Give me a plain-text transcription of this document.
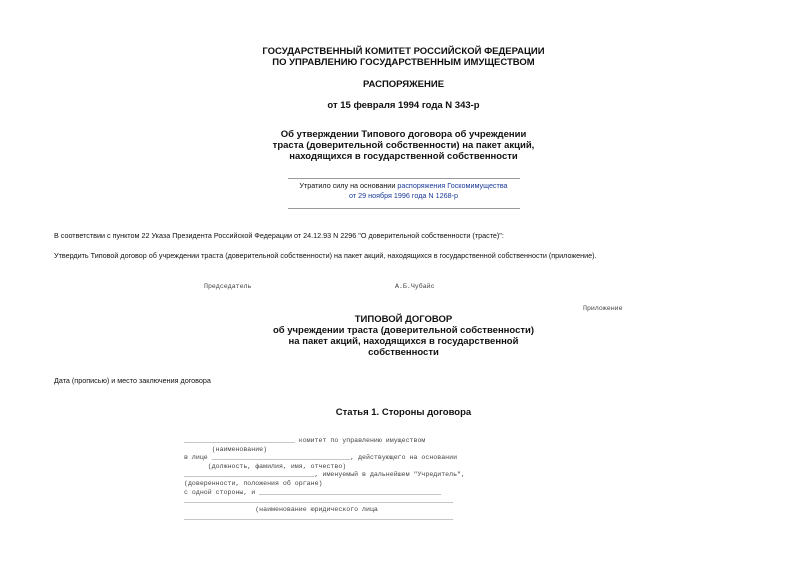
ГОСУДАРСТВЕННЫЙ КОМИТЕТ РОССИЙСКОЙ ФЕДЕРАЦИИ
ПО УПРАВЛЕНИЮ ГОСУДАРСТВЕННЫМ ИМУЩЕСТВОМ
РАСПОРЯЖЕНИЕ
от 15 февраля 1994 года N 343-р
Об утверждении Типового договора об учреждении
траста (доверительной собственности) на пакет акций,
находящихся в государственной собственности
Утратило силу на основании распоряжения Госкомимущества
от 29 ноября 1996 года N 1268-р
В соответствии с пунктом 22 Указа Президента Российской Федерации от 24.12.93 N 2296 "О доверительной собственности (трасте)":
Утвердить Типовой договор об учреждении траста (доверительной собственности) на пакет акций, находящихся в государственной собственности (приложение).
Председатель	А.Б.Чубайс
Приложение
ТИПОВОЙ ДОГОВОР
об учреждении траста (доверительной собственности)
на пакет акций, находящихся в государственной
собственности
Дата (прописью) и место заключения договора
Статья 1. Стороны договора
____________________________ комитет по управлению имуществом
(наименование)
в лице ___________________________________, действующего на основании
(должность, фамилия, имя, отчество)
_________________________________, именуемый в дальнейшем "Учредитель",
(доверенности, положения об органе)
с одной стороны, и ______________________________________________
____________________________________________________________________
(наименование юридического лица
____________________________________________________________________
